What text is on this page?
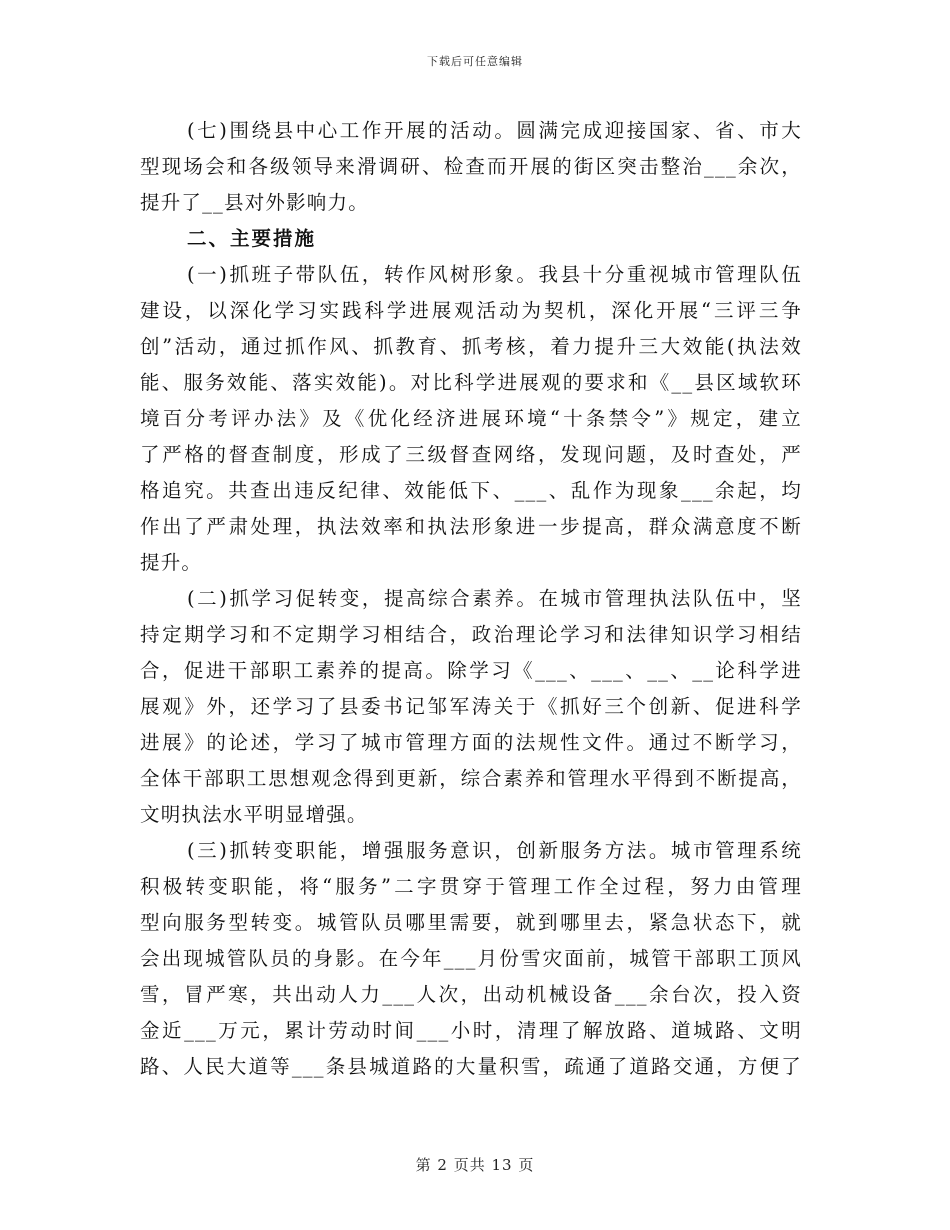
下载后可任意编辑
(七)围绕县中心工作开展的活动。圆满完成迎接国家、省、市大
型现场会和各级领导来滑调研、检查而开展的街区突击整治___余次，
提升了__县对外影响力。
二、主要措施
(一)抓班子带队伍，转作风树形象。我县十分重视城市管理队伍
建设，以深化学习实践科学进展观活动为契机，深化开展“三评三争
创”活动，通过抓作风、抓教育、抓考核，着力提升三大效能(执法效
能、服务效能、落实效能)。对比科学进展观的要求和《__县区域软环
境百分考评办法》及《优化经济进展环境“十条禁令”》规定，建立
了严格的督查制度，形成了三级督查网络，发现问题，及时查处，严
格追究。共查出违反纪律、效能低下、___、乱作为现象___余起，均
作出了严肃处理，执法效率和执法形象进一步提高，群众满意度不断
提升。
(二)抓学习促转变，提高综合素养。在城市管理执法队伍中，坚
持定期学习和不定期学习相结合，政治理论学习和法律知识学习相结
合，促进干部职工素养的提高。除学习《___、___、__、__论科学进
展观》外，还学习了县委书记邹军涛关于《抓好三个创新、促进科学
进展》的论述，学习了城市管理方面的法规性文件。通过不断学习，
全体干部职工思想观念得到更新，综合素养和管理水平得到不断提高，
文明执法水平明显增强。
(三)抓转变职能，增强服务意识，创新服务方法。城市管理系统
积极转变职能，将“服务”二字贯穿于管理工作全过程，努力由管理
型向服务型转变。城管队员哪里需要，就到哪里去，紧急状态下，就
会出现城管队员的身影。在今年___月份雪灾面前，城管干部职工顶风
雪，冒严寒，共出动人力___人次，出动机械设备___余台次，投入资
金近___万元，累计劳动时间___小时，清理了解放路、道城路、文明
路、人民大道等___条县城道路的大量积雪，疏通了道路交通，方便了
第 2 页共 13 页
